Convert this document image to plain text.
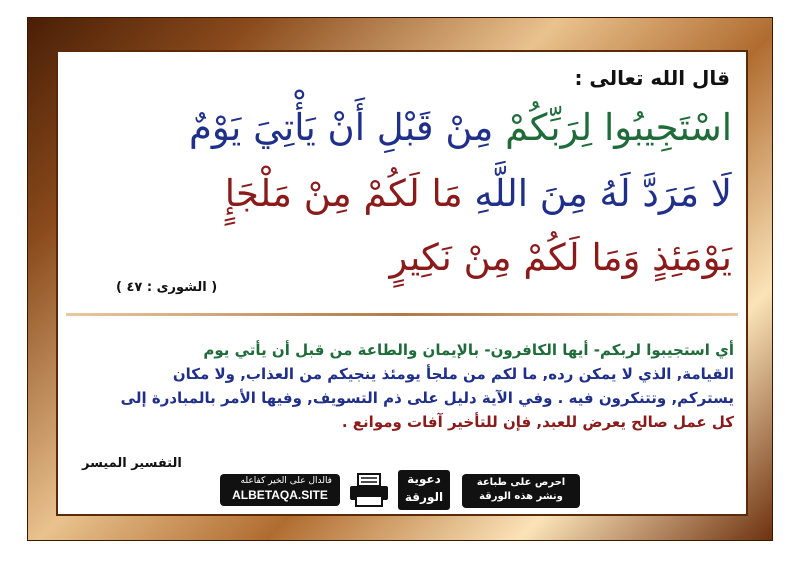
قال الله تعالى :
اسْتَجِيبُوا لِرَبِّكُمْ مِنْ قَبْلِ أَنْ يَأْتِيَ يَوْمٌ
لَا مَرَدَّ لَهُ مِنَ اللَّهِ مَا لَكُمْ مِنْ مَلْجَإٍ
يَوْمَئِذٍ وَمَا لَكُمْ مِنْ نَكِيرٍ
( الشورى : ٤٧ )
أي استجيبوا لربكم- أيها الكافرون- بالإيمان والطاعة من قبل أن يأتي يوم
القيامة, الذي لا يمكن رده, ما لكم من ملجأ يومئذ ينجيكم من العذاب, ولا مكان
يستركم, وتتنكرون فيه . وفي الآية دليل على ذم التسويف, وفيها الأمر بالمبادرة إلى
كل عمل صالح يعرض للعبد, فإن للتأخير آفات وموانع .
التفسير الميسر
فالدال على الخير كفاعله
ALBETAQA.SITE
دعوية
الورقة
احرص على طباعة
ونشر هذه الورقة
